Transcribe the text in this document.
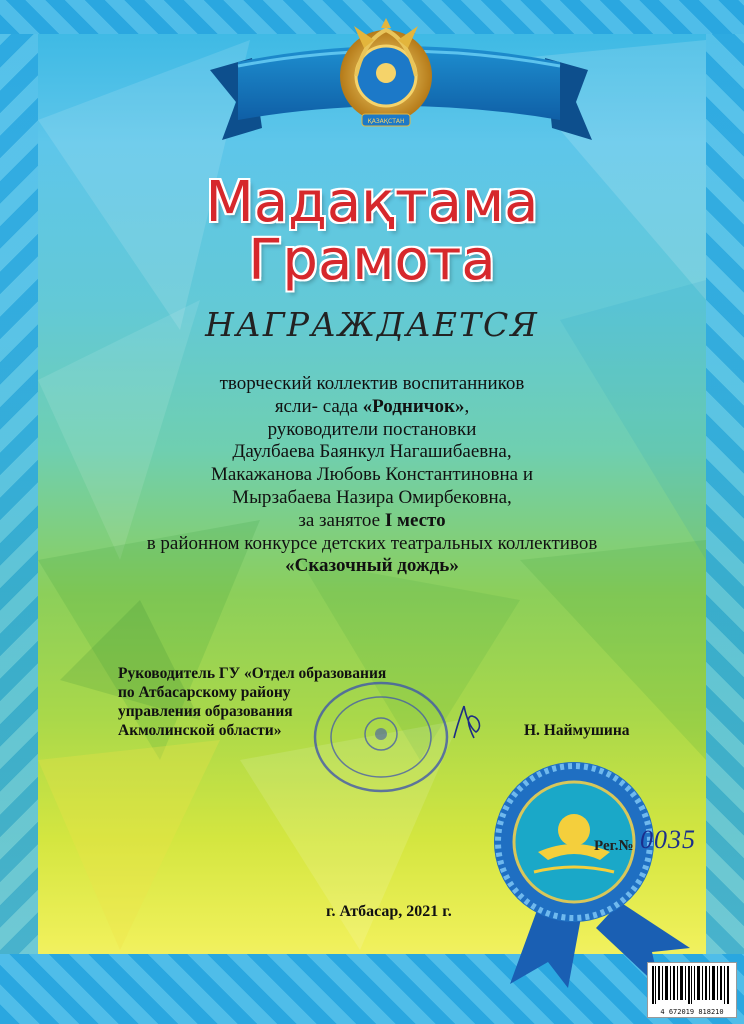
ҚАЗАҚСТАН
Мадақтама
Грамота
НАГРАЖДАЕТСЯ
творческий коллектив воспитанников
ясли- сада «Родничок»,
руководители постановки
Даулбаева Баянкул Нагашибаевна,
Макажанова Любовь Константиновна и
Мырзабаева Назира Омирбековна,
за занятое I место
в районном конкурсе детских театральных коллективов
«Сказочный дождь»
Руководитель ГУ «Отдел образования
по Атбасарскому району
управления образования
Акмолинской области»	Н. Наймушина
Рег.№ 0035
г. Атбасар, 2021 г.
4 672019 818210
